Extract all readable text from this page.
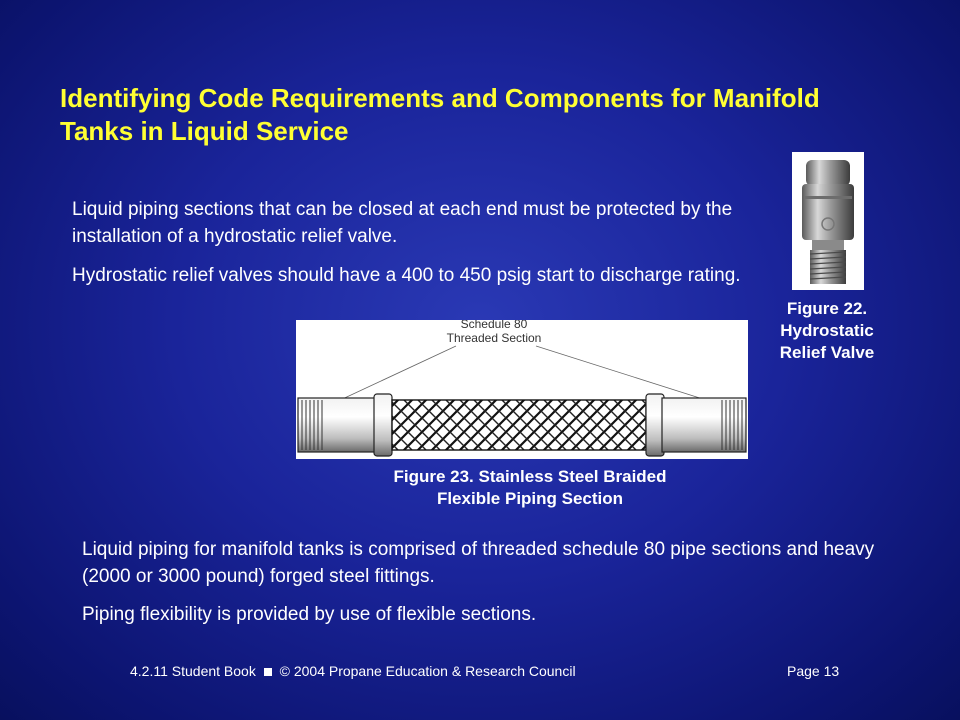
Identifying Code Requirements and Components for Manifold Tanks in Liquid Service
Liquid piping sections that can be closed at each end must be protected by the installation of a hydrostatic relief valve.
Hydrostatic relief valves should have a 400 to 450 psig start to discharge rating.
Figure 22.
Hydrostatic
Relief Valve
Schedule 80
Threaded Section
Figure 23. Stainless Steel Braided
Flexible Piping Section
Liquid piping for manifold tanks is comprised of threaded schedule 80 pipe sections and heavy (2000 or 3000 pound) forged steel fittings.
Piping flexibility is provided by use of flexible sections.
4.2.11 Student Book © 2004 Propane Education & Research Council	Page 13
